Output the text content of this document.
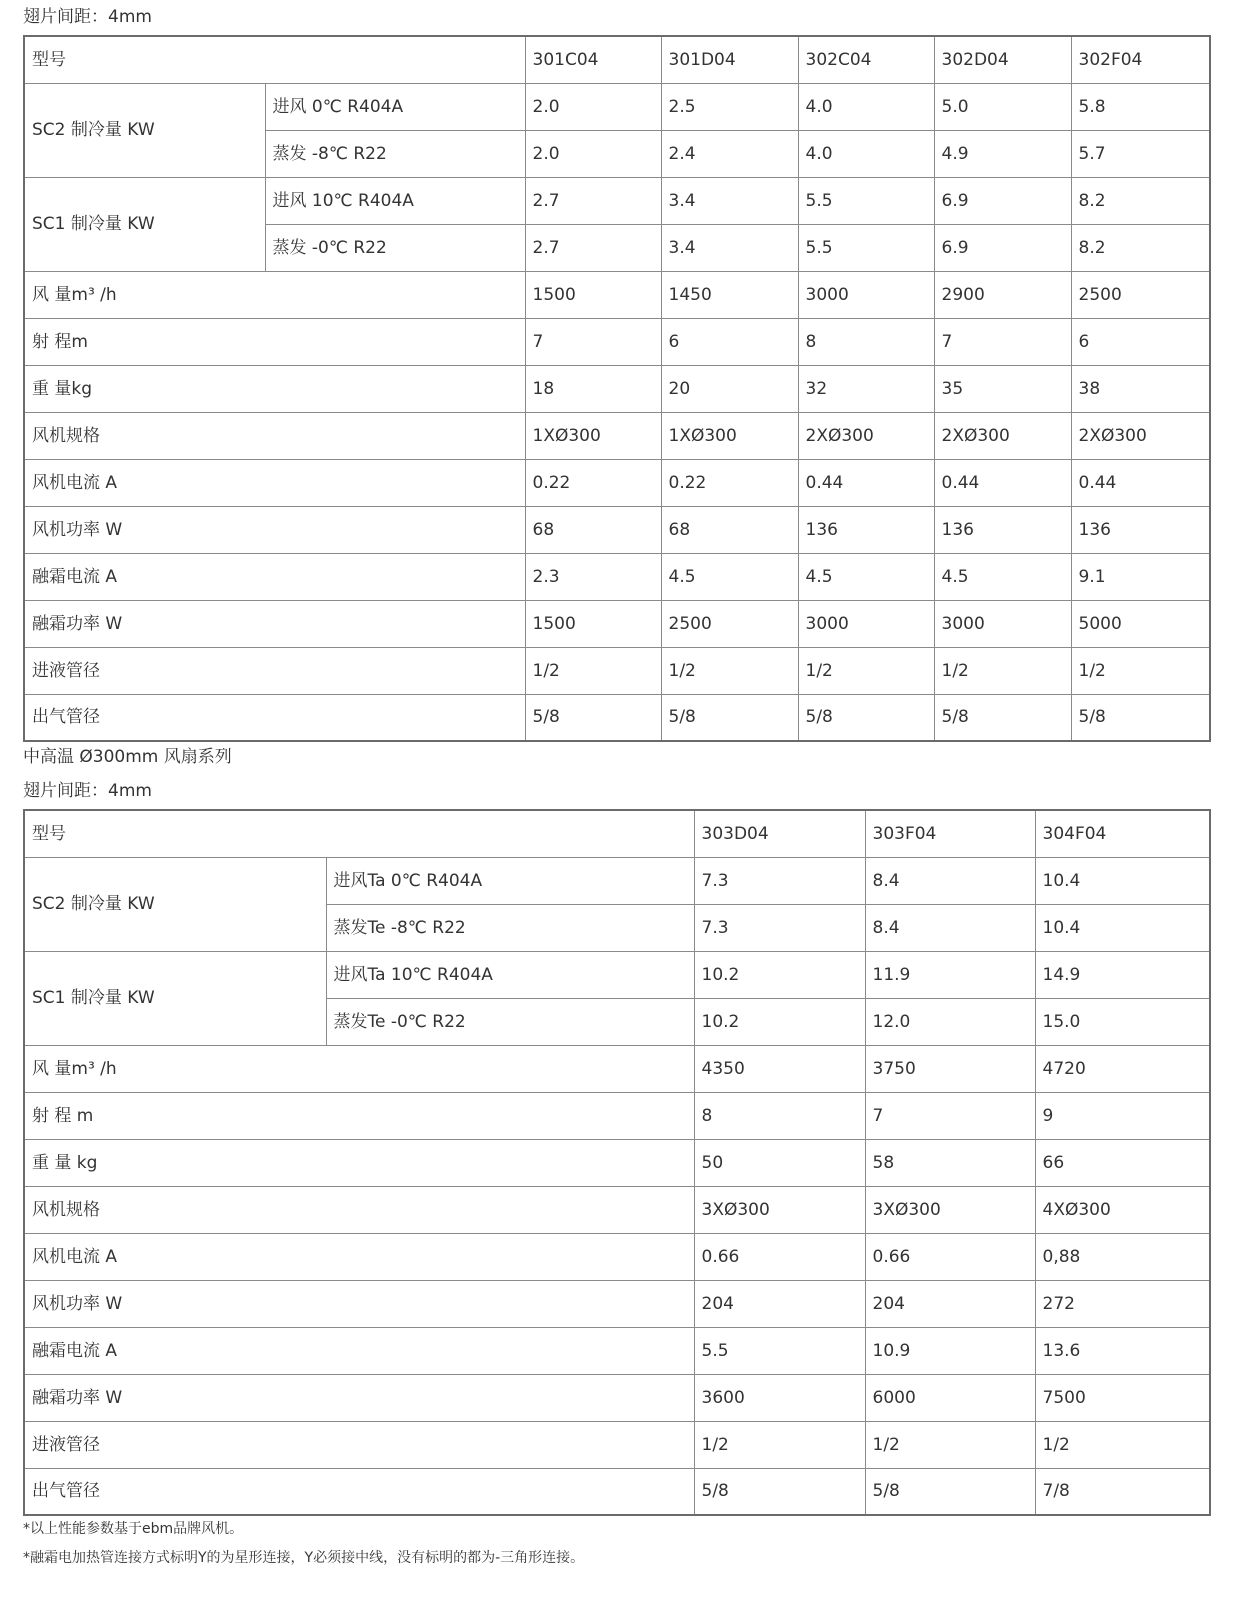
翅片间距：4mm
型号		301C04	301D04	302C04	302D04	302F04
SC2 制冷量 KW	进风 0℃ R404A	2.0	2.5	4.0	5.0	5.8
	蒸发 -8℃ R22	2.0	2.4	4.0	4.9	5.7
SC1 制冷量 KW	进风 10℃ R404A	2.7	3.4	5.5	6.9	8.2
	蒸发 -0℃ R22	2.7	3.4	5.5	6.9	8.2
风 量m³ /h		1500	1450	3000	2900	2500
射 程m		7	6	8	7	6
重 量kg		18	20	32	35	38
风机规格		1XØ300	1XØ300	2XØ300	2XØ300	2XØ300
风机电流 A		0.22	0.22	0.44	0.44	0.44
风机功率 W		68	68	136	136	136
融霜电流 A		2.3	4.5	4.5	4.5	9.1
融霜功率 W		1500	2500	3000	3000	5000
进液管径		1/2	1/2	1/2	1/2	1/2
出气管径		5/8	5/8	5/8	5/8	5/8
中高温 Ø300mm 风扇系列
翅片间距：4mm
型号		303D04	303F04	304F04
SC2 制冷量 KW	进风Ta 0℃ R404A	7.3	8.4	10.4
	蒸发Te -8℃ R22	7.3	8.4	10.4
SC1 制冷量 KW	进风Ta 10℃ R404A	10.2	11.9	14.9
	蒸发Te -0℃ R22	10.2	12.0	15.0
风 量m³ /h		4350	3750	4720
射 程 m		8	7	9
重 量 kg		50	58	66
风机规格		3XØ300	3XØ300	4XØ300
风机电流 A		0.66	0.66	0,88
风机功率 W		204	204	272
融霜电流 A		5.5	10.9	13.6
融霜功率 W		3600	6000	7500
进液管径		1/2	1/2	1/2
出气管径		5/8	5/8	7/8
*以上性能参数基于ebm品牌风机。
*融霜电加热管连接方式标明Y的为星形连接，Y必须接中线，没有标明的都为-三角形连接。
